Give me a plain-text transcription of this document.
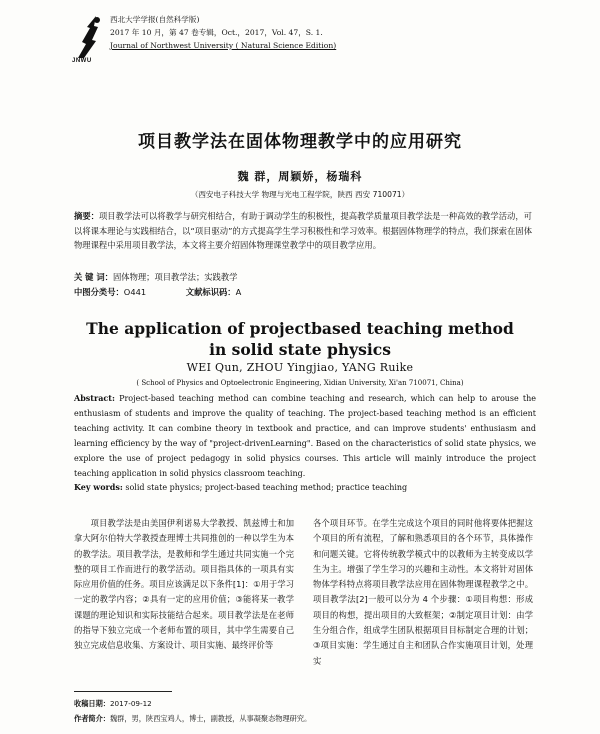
JNWU
西北大学学报(自然科学版)
2017 年 10 月，第 47 卷专辑，Oct.，2017，Vol. 47，S. 1.
Journal of Northwest University ( Natural Science Edition)
项目教学法在固体物理教学中的应用研究
魏 群，周颖娇，杨瑞科
（西安电子科技大学 物理与光电工程学院，陕西 西安 710071）
摘要：项目教学法可以将教学与研究相结合，有助于调动学生的积极性，提高教学质量项目教学法是一种高效的教学活动，可以将课本理论与实践相结合，以“项目驱动”的方式提高学生学习积极性和学习效率。根据固体物理学的特点，我们探索在固体物理课程中采用项目教学法，本文将主要介绍固体物理课堂教学中的项目教学应用。
关 键 词：固体物理；项目教学法；实践教学
中图分类号：O441	文献标识码：A
The application of projectbased teaching method
in solid state physics
WEI Qun, ZHOU Yingjiao, YANG Ruike
( School of Physics and Optoelectronic Engineering, Xidian University, Xi'an 710071, China)
Abstract: Project-based teaching method can combine teaching and research, which can help to arouse the enthusiasm of students and improve the quality of teaching. The project-based teaching method is an efficient teaching activity. It can combine theory in textbook and practice, and can improve students' enthusiasm and learning efficiency by the way of "project-drivenLearning". Based on the characteristics of solid state physics, we explore the use of project pedagogy in solid physics courses. This article will mainly introduce the project teaching application in solid physics classroom teaching.
Key words: solid state physics; project-based teaching method; practice teaching
项目教学法是由美国伊利诺易大学教授、凯兹博士和加拿大阿尔伯特大学教授查理博士共同推创的一种以学生为本的教学法。项目教学法，是教师和学生通过共同实施一个完整的项目工作而进行的教学活动。项目指具体的一项具有实际应用价值的任务。项目应该满足以下条件[1]：①用于学习一定的教学内容；②具有一定的应用价值；③能将某一教学课题的理论知识和实际技能结合起来。项目教学法是在老师的指导下独立完成一个老师布置的项目，其中学生需要自己独立完成信息收集、方案设计、项目实施、最终评价等
各个项目环节。在学生完成这个项目的同时他将要体把握这个项目的所有流程，了解和熟悉项目的各个环节，具体操作和问题关键。它将传统教学模式中的以教师为主转变成以学生为主。增强了学生学习的兴趣和主动性。本文将针对固体物体学科特点将项目教学法应用在固体物理课程教学之中。项目教学法[2]一般可以分为 4 个步骤：①项目构想：形成项目的构想，提出项目的大致框架；②制定项目计划：由学生分组合作，组成学生团队根据项目目标制定合理的计划；③项目实施：学生通过自主和团队合作实施项目计划，处理实
收稿日期：2017-09-12
作者简介：魏群，男，陕西宝鸡人，博士，副教授，从事凝聚态物理研究。
